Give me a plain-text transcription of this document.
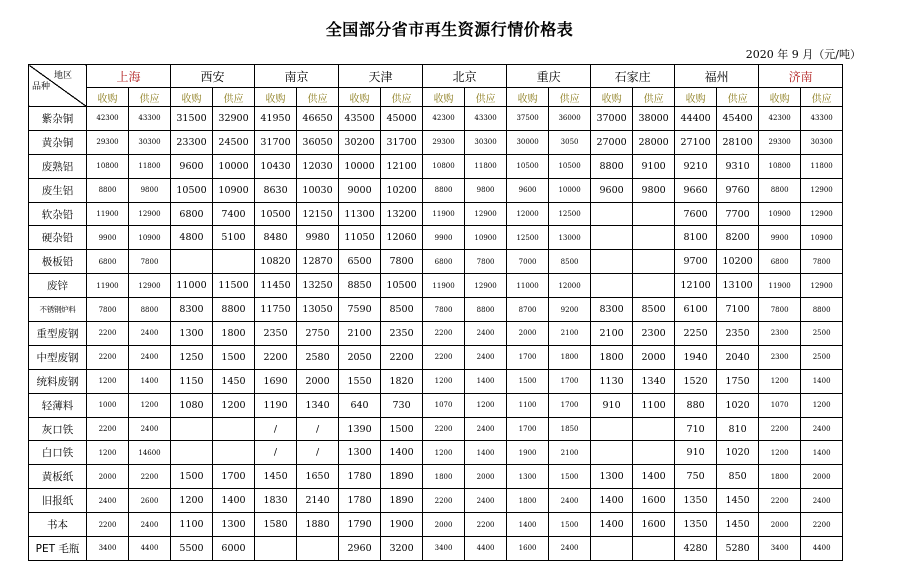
全国部分省市再生资源行情价格表
2020 年 9 月（元/吨）
地区
品种	上海		西安		南京		天津		北京		重庆		石家庄		福州		济南	
	收购	供应	收购	供应	收购	供应	收购	供应	收购	供应	收购	供应	收购	供应	收购	供应	收购	供应
紫杂铜	42300	43300	31500	32900	41950	46650	43500	45000	42300	43300	37500	36000	37000	38000	44400	45400	42300	43300
黄杂铜	29300	30300	23300	24500	31700	36050	30200	31700	29300	30300	30000	3050	27000	28000	27100	28100	29300	30300
废熟铝	10800	11800	9600	10000	10430	12030	10000	12100	10800	11800	10500	10500	8800	9100	9210	9310	10800	11800
废生铝	8800	9800	10500	10900	8630	10030	9000	10200	8800	9800	9600	10000	9600	9800	9660	9760	8800	12900
软杂铅	11900	12900	6800	7400	10500	12150	11300	13200	11900	12900	12000	12500			7600	7700	10900	12900
硬杂铅	9900	10900	4800	5100	8480	9980	11050	12060	9900	10900	12500	13000			8100	8200	9900	10900
极板铅	6800	7800			10820	12870	6500	7800	6800	7800	7000	8500			9700	10200	6800	7800
废锌	11900	12900	11000	11500	11450	13250	8850	10500	11900	12900	11000	12000			12100	13100	11900	12900
不锈钢炉料	7800	8800	8300	8800	11750	13050	7590	8500	7800	8800	8700	9200	8300	8500	6100	7100	7800	8800
重型废钢	2200	2400	1300	1800	2350	2750	2100	2350	2200	2400	2000	2100	2100	2300	2250	2350	2300	2500
中型废钢	2200	2400	1250	1500	2200	2580	2050	2200	2200	2400	1700	1800	1800	2000	1940	2040	2300	2500
统料废钢	1200	1400	1150	1450	1690	2000	1550	1820	1200	1400	1500	1700	1130	1340	1520	1750	1200	1400
轻薄料	1000	1200	1080	1200	1190	1340	640	730	1070	1200	1100	1700	910	1100	880	1020	1070	1200
灰口铁	2200	2400			/	/	1390	1500	2200	2400	1700	1850			710	810	2200	2400
白口铁	1200	14600			/	/	1300	1400	1200	1400	1900	2100			910	1020	1200	1400
黄板纸	2000	2200	1500	1700	1450	1650	1780	1890	1800	2000	1300	1500	1300	1400	750	850	1800	2000
旧报纸	2400	2600	1200	1400	1830	2140	1780	1890	2200	2400	1800	2400	1400	1600	1350	1450	2200	2400
书本	2200	2400	1100	1300	1580	1880	1790	1900	2000	2200	1400	1500	1400	1600	1350	1450	2000	2200
PET 毛瓶	3400	4400	5500	6000			2960	3200	3400	4400	1600	2400			4280	5280	3400	4400
